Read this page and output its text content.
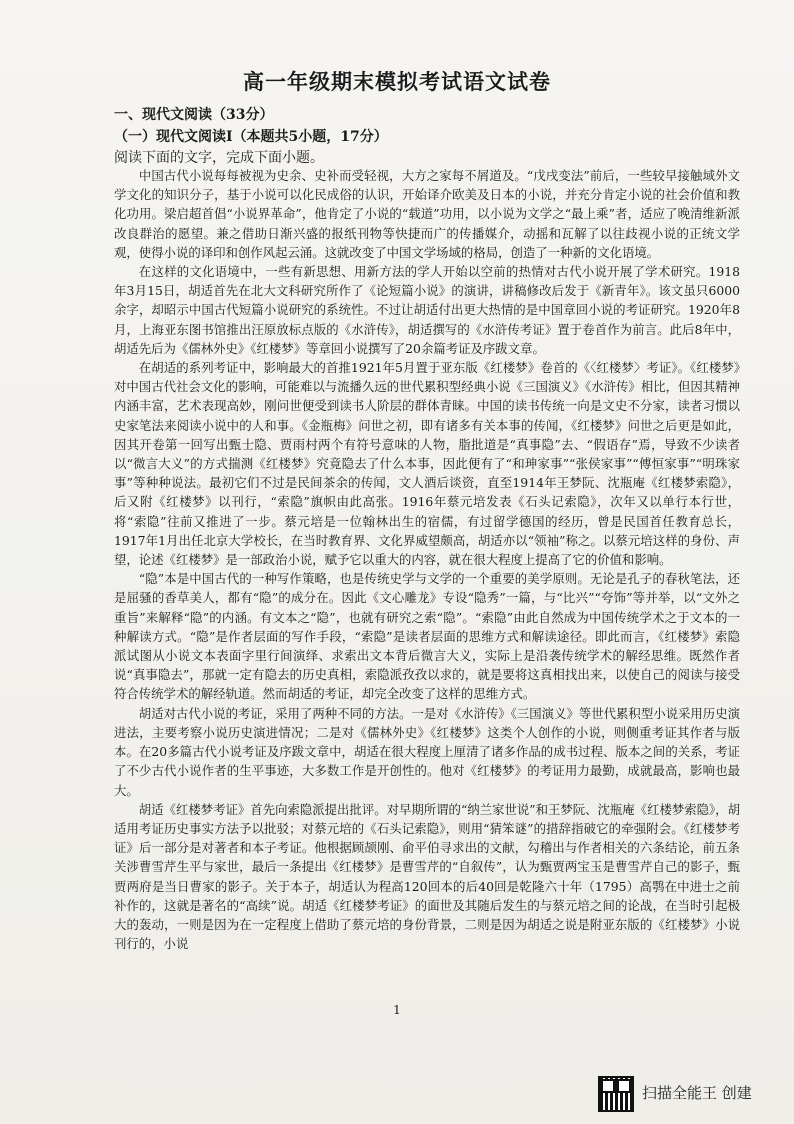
高一年级期末模拟考试语文试卷
一、现代文阅读（33分）
（一）现代文阅读Ⅰ（本题共5小题，17分）
阅读下面的文字，完成下面小题。

中国古代小说每每被视为史余、史补而受轻视，大方之家每不屑道及。“戊戌变法”前后，一些较早接触域外文学文化的知识分子，基于小说可以化民成俗的认识，开始译介欧美及日本的小说，并充分肯定小说的社会价值和教化功用。梁启超首倡“小说界革命”，他肯定了小说的“载道”功用，以小说为文学之“最上乘”者，适应了晚清维新派改良群治的愿望。兼之借助日渐兴盛的报纸刊物等快捷而广的传播媒介，动摇和瓦解了以往歧视小说的正统文学观，使得小说的译印和创作风起云涌。这就改变了中国文学场域的格局，创造了一种新的文化语境。

在这样的文化语境中，一些有新思想、用新方法的学人开始以空前的热情对古代小说开展了学术研究。1918年3月15日，胡适首先在北大文科研究所作了《论短篇小说》的演讲，讲稿修改后发于《新青年》。该文虽只6000余字，却昭示中国古代短篇小说研究的系统性。不过让胡适付出更大热情的是中国章回小说的考证研究。1920年8月，上海亚东图书馆推出汪原放标点版的《水浒传》，胡适撰写的《水浒传考证》置于卷首作为前言。此后8年中，胡适先后为《儒林外史》《红楼梦》等章回小说撰写了20余篇考证及序跋文章。

在胡适的系列考证中，影响最大的首推1921年5月置于亚东版《红楼梦》卷首的《〈红楼梦〉考证》。《红楼梦》对中国古代社会文化的影响，可能难以与流播久远的世代累积型经典小说《三国演义》《水浒传》相比，但因其精神内涵丰富，艺术表现高妙，刚问世便受到读书人阶层的群体青睐。中国的读书传统一向是文史不分家，读者习惯以史家笔法来阅读小说中的人和事。《金瓶梅》问世之初，即有诸多有关本事的传闻，《红楼梦》问世之后更是如此，因其开卷第一回写出甄士隐、贾雨村两个有符号意味的人物，脂批道是“真事隐”去、“假语存”焉，导致不少读者以“微言大义”的方式揣测《红楼梦》究竟隐去了什么本事，因此便有了“和珅家事”“张侯家事”“傅恒家事”“明珠家事”等种种说法。最初它们不过是民间茶余的传闻，文人酒后谈资，直至1914年王梦阮、沈瓶庵《红楼梦索隐》，后又附《红楼梦》以刊行，“索隐”旗帜由此高张。1916年蔡元培发表《石头记索隐》，次年又以单行本行世，将“索隐”往前又推进了一步。蔡元培是一位翰林出生的宿儒，有过留学德国的经历，曾是民国首任教育总长，1917年1月出任北京大学校长，在当时教育界、文化界威望颇高，胡适亦以“领袖”称之。以蔡元培这样的身份、声望，论述《红楼梦》是一部政治小说，赋予它以重大的内容，就在很大程度上提高了它的价值和影响。

“隐”本是中国古代的一种写作策略，也是传统史学与文学的一个重要的美学原则。无论是孔子的春秋笔法，还是屈骚的香草美人，都有“隐”的成分在。因此《文心雕龙》专设“隐秀”一篇，与“比兴”“夸饰”等并举，以“文外之重旨”来解释“隐”的内涵。有文本之“隐”，也就有研究之索“隐”。“索隐”由此自然成为中国传统学术之于文本的一种解读方式。“隐”是作者层面的写作手段，“索隐”是读者层面的思维方式和解读途径。即此而言，《红楼梦》索隐派试图从小说文本表面字里行间演绎、求索出文本背后微言大义，实际上是沿袭传统学术的解经思维。既然作者说“真事隐去”，那就一定有隐去的历史真相，索隐派孜孜以求的，就是要将这真相找出来，以使自己的阅读与接受符合传统学术的解经轨道。然而胡适的考证，却完全改变了这样的思维方式。

胡适对古代小说的考证，采用了两种不同的方法。一是对《水浒传》《三国演义》等世代累积型小说采用历史演进法，主要考察小说历史演进情况；二是对《儒林外史》《红楼梦》这类个人创作的小说，则侧重考证其作者与版本。在20多篇古代小说考证及序跋文章中，胡适在很大程度上厘清了诸多作品的成书过程、版本之间的关系，考证了不少古代小说作者的生平事迹，大多数工作是开创性的。他对《红楼梦》的考证用力最勤，成就最高，影响也最大。

胡适《红楼梦考证》首先向索隐派提出批评。对早期所谓的“纳兰家世说”和王梦阮、沈瓶庵《红楼梦索隐》，胡适用考证历史事实方法予以批驳；对蔡元培的《石头记索隐》，则用“猜笨谜”的措辞指破它的牵强附会。《红楼梦考证》后一部分是对著者和本子考证。他根据顾颉刚、俞平伯寻求出的文献，勾稽出与作者相关的六条结论，前五条关涉曹雪芹生平与家世，最后一条提出《红楼梦》是曹雪芹的“自叙传”，认为甄贾两宝玉是曹雪芹自己的影子，甄贾两府是当日曹家的影子。关于本子，胡适认为程高120回本的后40回是乾隆六十年（1795）高鹗在中进士之前补作的，这就是著名的“高续”说。胡适《红楼梦考证》的面世及其随后发生的与蔡元培之间的论战，在当时引起极大的轰动，一则是因为在一定程度上借助了蔡元培的身份背景，二则是因为胡适之说是附亚东版的《红楼梦》小说刊行的，小说

1
扫描全能王 创建
